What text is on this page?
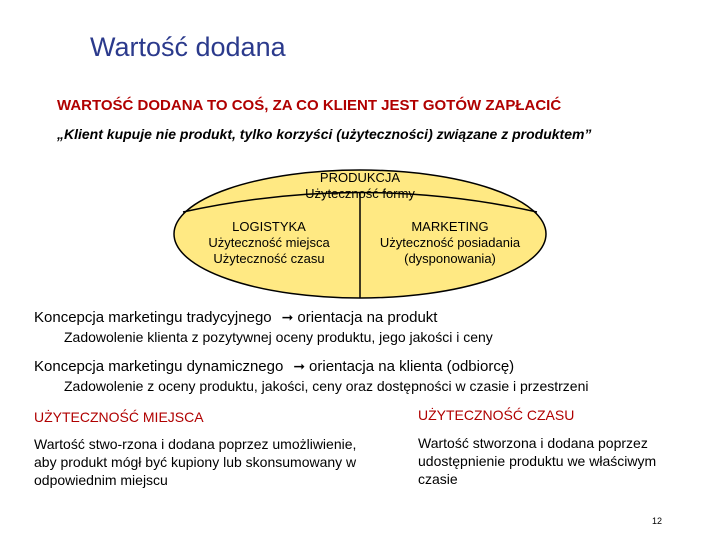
Wartość dodana
WARTOŚĆ DODANA TO COŚ, ZA CO KLIENT JEST GOTÓW ZAPŁACIĆ
„Klient kupuje nie produkt, tylko korzyści (użyteczności) związane z produktem”
PRODUKCJA
Użyteczność formy
LOGISTYKA
Użyteczność miejsca
Użyteczność czasu
MARKETING
Użyteczność posiadania
(dysponowania)
Koncepcja marketingu tradycyjnego ➞ orientacja na produkt
Zadowolenie klienta z pozytywnej oceny produktu, jego jakości i ceny
Koncepcja marketingu dynamicznego ➞ orientacja na klienta (odbiorcę)
Zadowolenie z oceny produktu, jakości, ceny oraz dostępności w czasie i przestrzeni
UŻYTECZNOŚĆ MIEJSCA
Wartość stwo-rzona i dodana poprzez umożliwienie, aby produkt mógł być kupiony lub skonsumowany w odpowiednim miejscu
UŻYTECZNOŚĆ CZASU
Wartość stworzona i dodana poprzez udostępnienie produktu we właściwym czasie
12
